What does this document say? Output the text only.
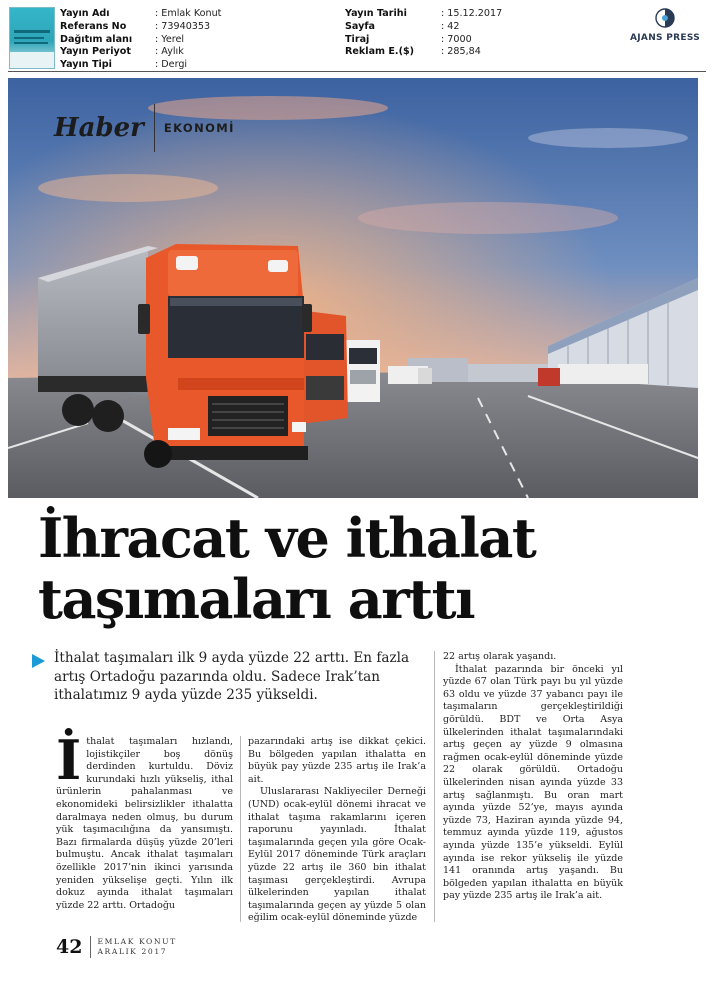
Yayın Adı	: Emlak Konut
Referans No	: 73940353
Dağıtım alanı	: Yerel
Yayın Periyot	: Aylık
Yayın Tipi	: Dergi
Yayın Tarihi	: 15.12.2017
Sayfa	: 42
Tiraj	: 7000
Reklam E.($)	: 285,84
AJANS PRESS
Haber EKONOMİ
İhracat ve ithalat
taşımaları arttı

İthalat taşımaları ilk 9 ayda yüzde 22 arttı. En fazla artış Ortadoğu pazarında oldu. Sadece Irak’tan ithalatımız 9 ayda yüzde 235 yükseldi.

İ thalat taşımaları hızlandı, lojistikçiler boş dönüş derdinden kurtuldu. Döviz kurundaki hızlı yükseliş, ithal ürünlerin pahalanması ve ekonomideki belirsizlikler ithalatta daralmaya neden olmuş, bu durum yük taşımacılığına da yansımıştı. Bazı firmalarda düşüş yüzde 20’leri bulmuştu. Ancak ithalat taşımaları özellikle 2017’nin ikinci yarısında yeniden yükselişe geçti. Yılın ilk dokuz ayında ithalat taşımaları yüzde 22 arttı. Ortadoğu

pazarındaki artış ise dikkat çekici. Bu bölgeden yapılan ithalatta en büyük pay yüzde 235 artış ile Irak’a ait.

Uluslararası Nakliyeciler Derneği (UND) ocak-eylül dönemi ihracat ve ithalat taşıma rakamlarını içeren raporunu yayınladı. İthalat taşımalarında geçen yıla göre Ocak-Eylül 2017 döneminde Türk araçları yüzde 22 artış ile 360 bin ithalat taşıması gerçekleştirdi. Avrupa ülkelerinden yapılan ithalat taşımalarında geçen ay yüzde 5 olan eğilim ocak-eylül döneminde yüzde

22 artış olarak yaşandı.

İthalat pazarında bir önceki yıl yüzde 67 olan Türk payı bu yıl yüzde 63 oldu ve yüzde 37 yabancı payı ile taşımaların gerçekleştirildiği görüldü. BDT ve Orta Asya ülkelerinden ithalat taşımalarındaki artış geçen ay yüzde 9 olmasına rağmen ocak-eylül döneminde yüzde 22 olarak görüldü. Ortadoğu ülkelerinden nisan ayında yüzde 33 artış sağlanmıştı. Bu oran mart ayında yüzde 52’ye, mayıs ayında yüzde 73, Haziran ayında yüzde 94, temmuz ayında yüzde 119, ağustos ayında yüzde 135’e yükseldi. Eylül ayında ise rekor yükseliş ile yüzde 141 oranında artış yaşandı. Bu bölgeden yapılan ithalatta en büyük pay yüzde 235 artış ile Irak’a ait.

42 EMLAK KONUT
ARALIK 2017
